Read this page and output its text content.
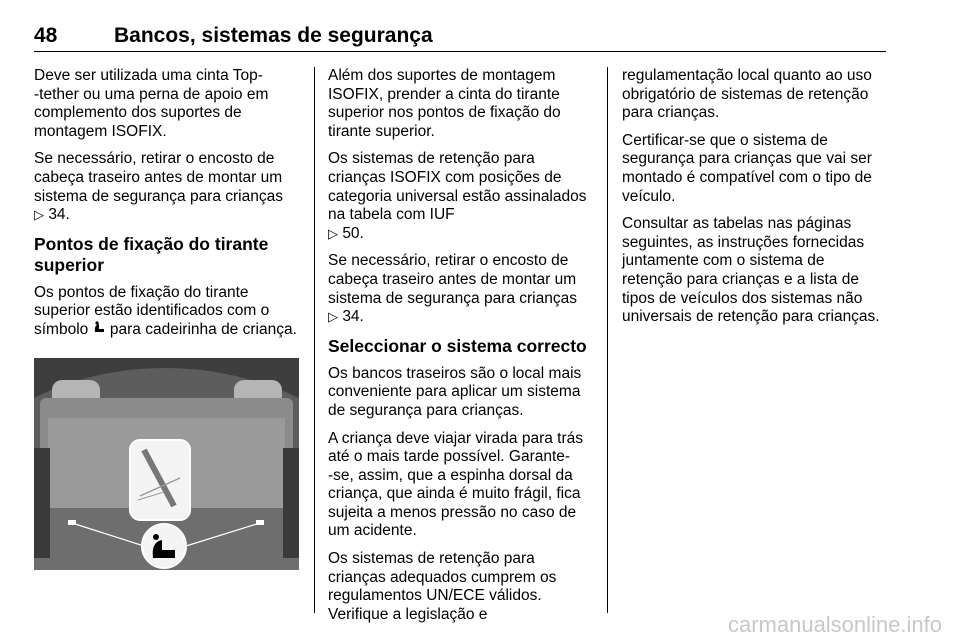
48	Bancos, sistemas de segurança

Deve ser utilizada uma cinta Top-
-tether ou uma perna de apoio em complemento dos suportes de montagem ISOFIX.

Se necessário, retirar o encosto de cabeça traseiro antes de montar um sistema de segurança para crianças
▷ 34.

Pontos de fixação do tirante superior

Os pontos de fixação do tirante superior estão identificados com o símbolo para cadeirinha de criança.

Além dos suportes de montagem ISOFIX, prender a cinta do tirante superior nos pontos de fixação do tirante superior.

Os sistemas de retenção para crianças ISOFIX com posições de categoria universal estão assinalados na tabela com IUF
▷ 50.

Se necessário, retirar o encosto de cabeça traseiro antes de montar um sistema de segurança para crianças
▷ 34.

Seleccionar o sistema correcto

Os bancos traseiros são o local mais conveniente para aplicar um sistema de segurança para crianças.

A criança deve viajar virada para trás até o mais tarde possível. Garante-
-se, assim, que a espinha dorsal da criança, que ainda é muito frágil, fica sujeita a menos pressão no caso de um acidente.

Os sistemas de retenção para crianças adequados cumprem os regulamentos UN/ECE válidos. Verifique a legislação e

regulamentação local quanto ao uso obrigatório de sistemas de retenção para crianças.

Certificar-se que o sistema de segurança para crianças que vai ser montado é compatível com o tipo de veículo.

Consultar as tabelas nas páginas seguintes, as instruções fornecidas juntamente com o sistema de retenção para crianças e a lista de tipos de veículos dos sistemas não universais de retenção para crianças.

carmanualsonline.info
